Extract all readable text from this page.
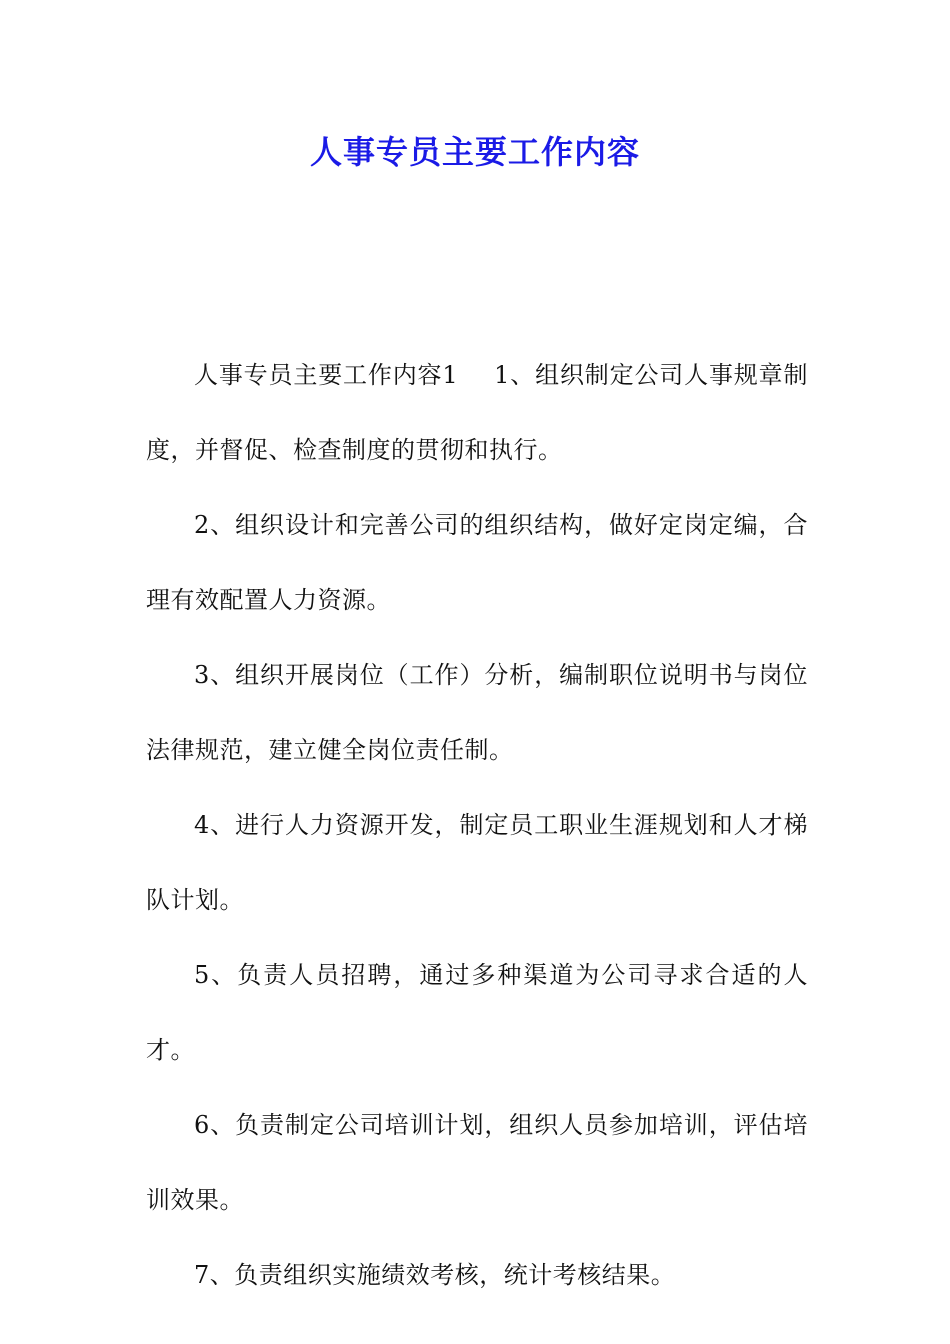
人事专员主要工作内容

人事专员主要工作内容1 1、组织制定公司人事规章制度，并督促、检查制度的贯彻和执行。

2、组织设计和完善公司的组织结构，做好定岗定编，合理有效配置人力资源。

3、组织开展岗位（工作）分析，编制职位说明书与岗位法律规范，建立健全岗位责任制。

4、进行人力资源开发，制定员工职业生涯规划和人才梯队计划。

5、负责人员招聘，通过多种渠道为公司寻求合适的人才。

6、负责制定公司培训计划，组织人员参加培训，评估培训效果。

7、负责组织实施绩效考核，统计考核结果。
